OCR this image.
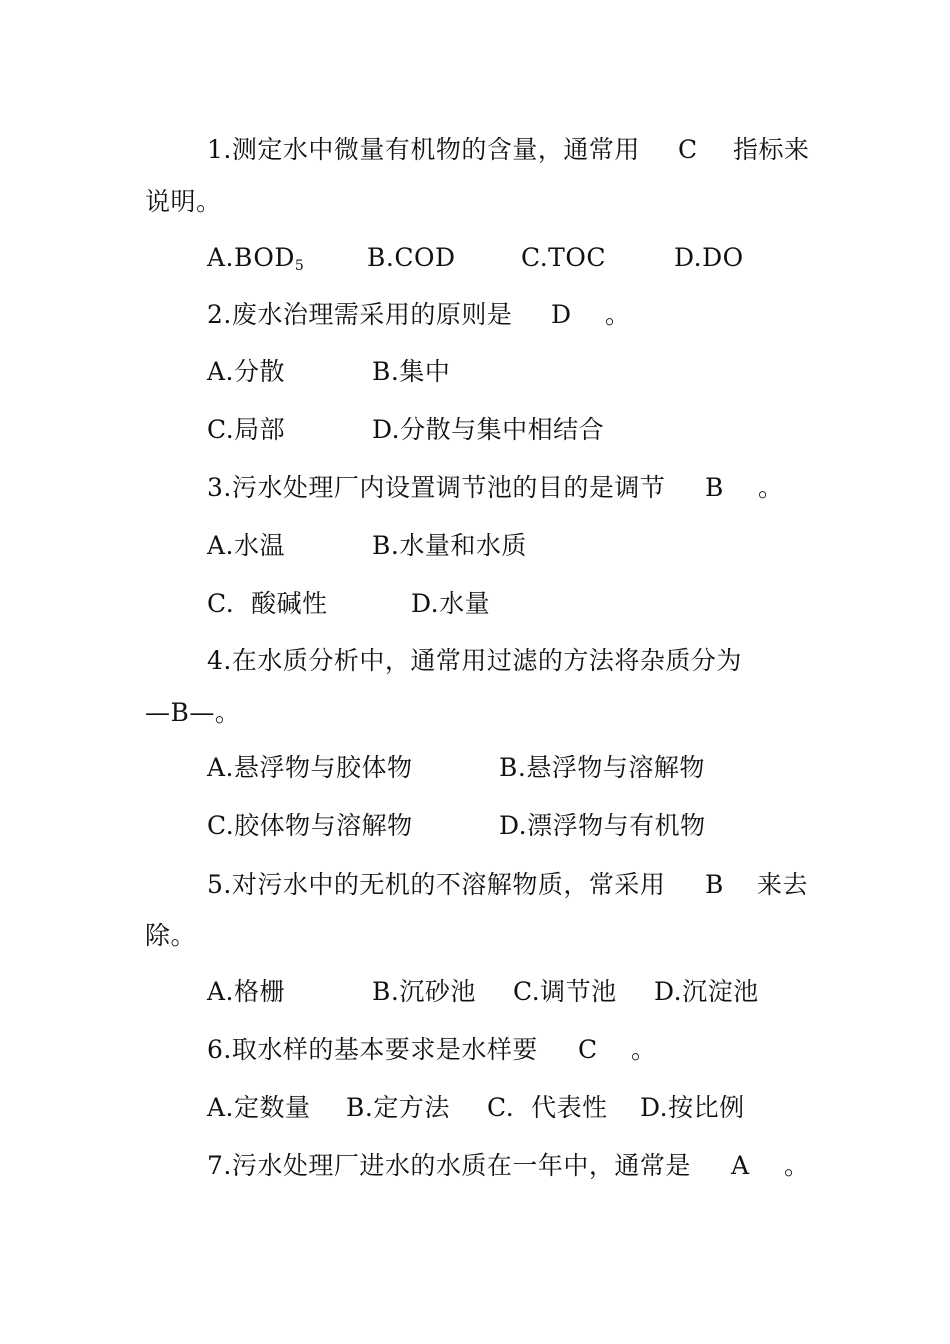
1.测定水中微量有机物的含量，通常用 C 指标来
说明。
$A.BOD_5$	B.COD	C.TOC	D.DO
2.废水治理需采用的原则是 D 。
A.分散	B.集中
C.局部	D.分散与集中相结合
3.污水处理厂内设置调节池的目的是调节 B 。
A.水温	B.水量和水质
C.  酸碱性	D.水量
4.在水质分析中，通常用过滤的方法将杂质分为
—B—。
A.悬浮物与胶体物	B.悬浮物与溶解物
C.胶体物与溶解物	D.漂浮物与有机物
5.对污水中的无机的不溶解物质，常采用 B 来去
除。
A.格栅	B.沉砂池 C.调节池 D.沉淀池
6.取水样的基本要求是水样要 C 。
A.定数量 B.定方法 C.  代表性 D.按比例
7.污水处理厂进水的水质在一年中，通常是 A 。
